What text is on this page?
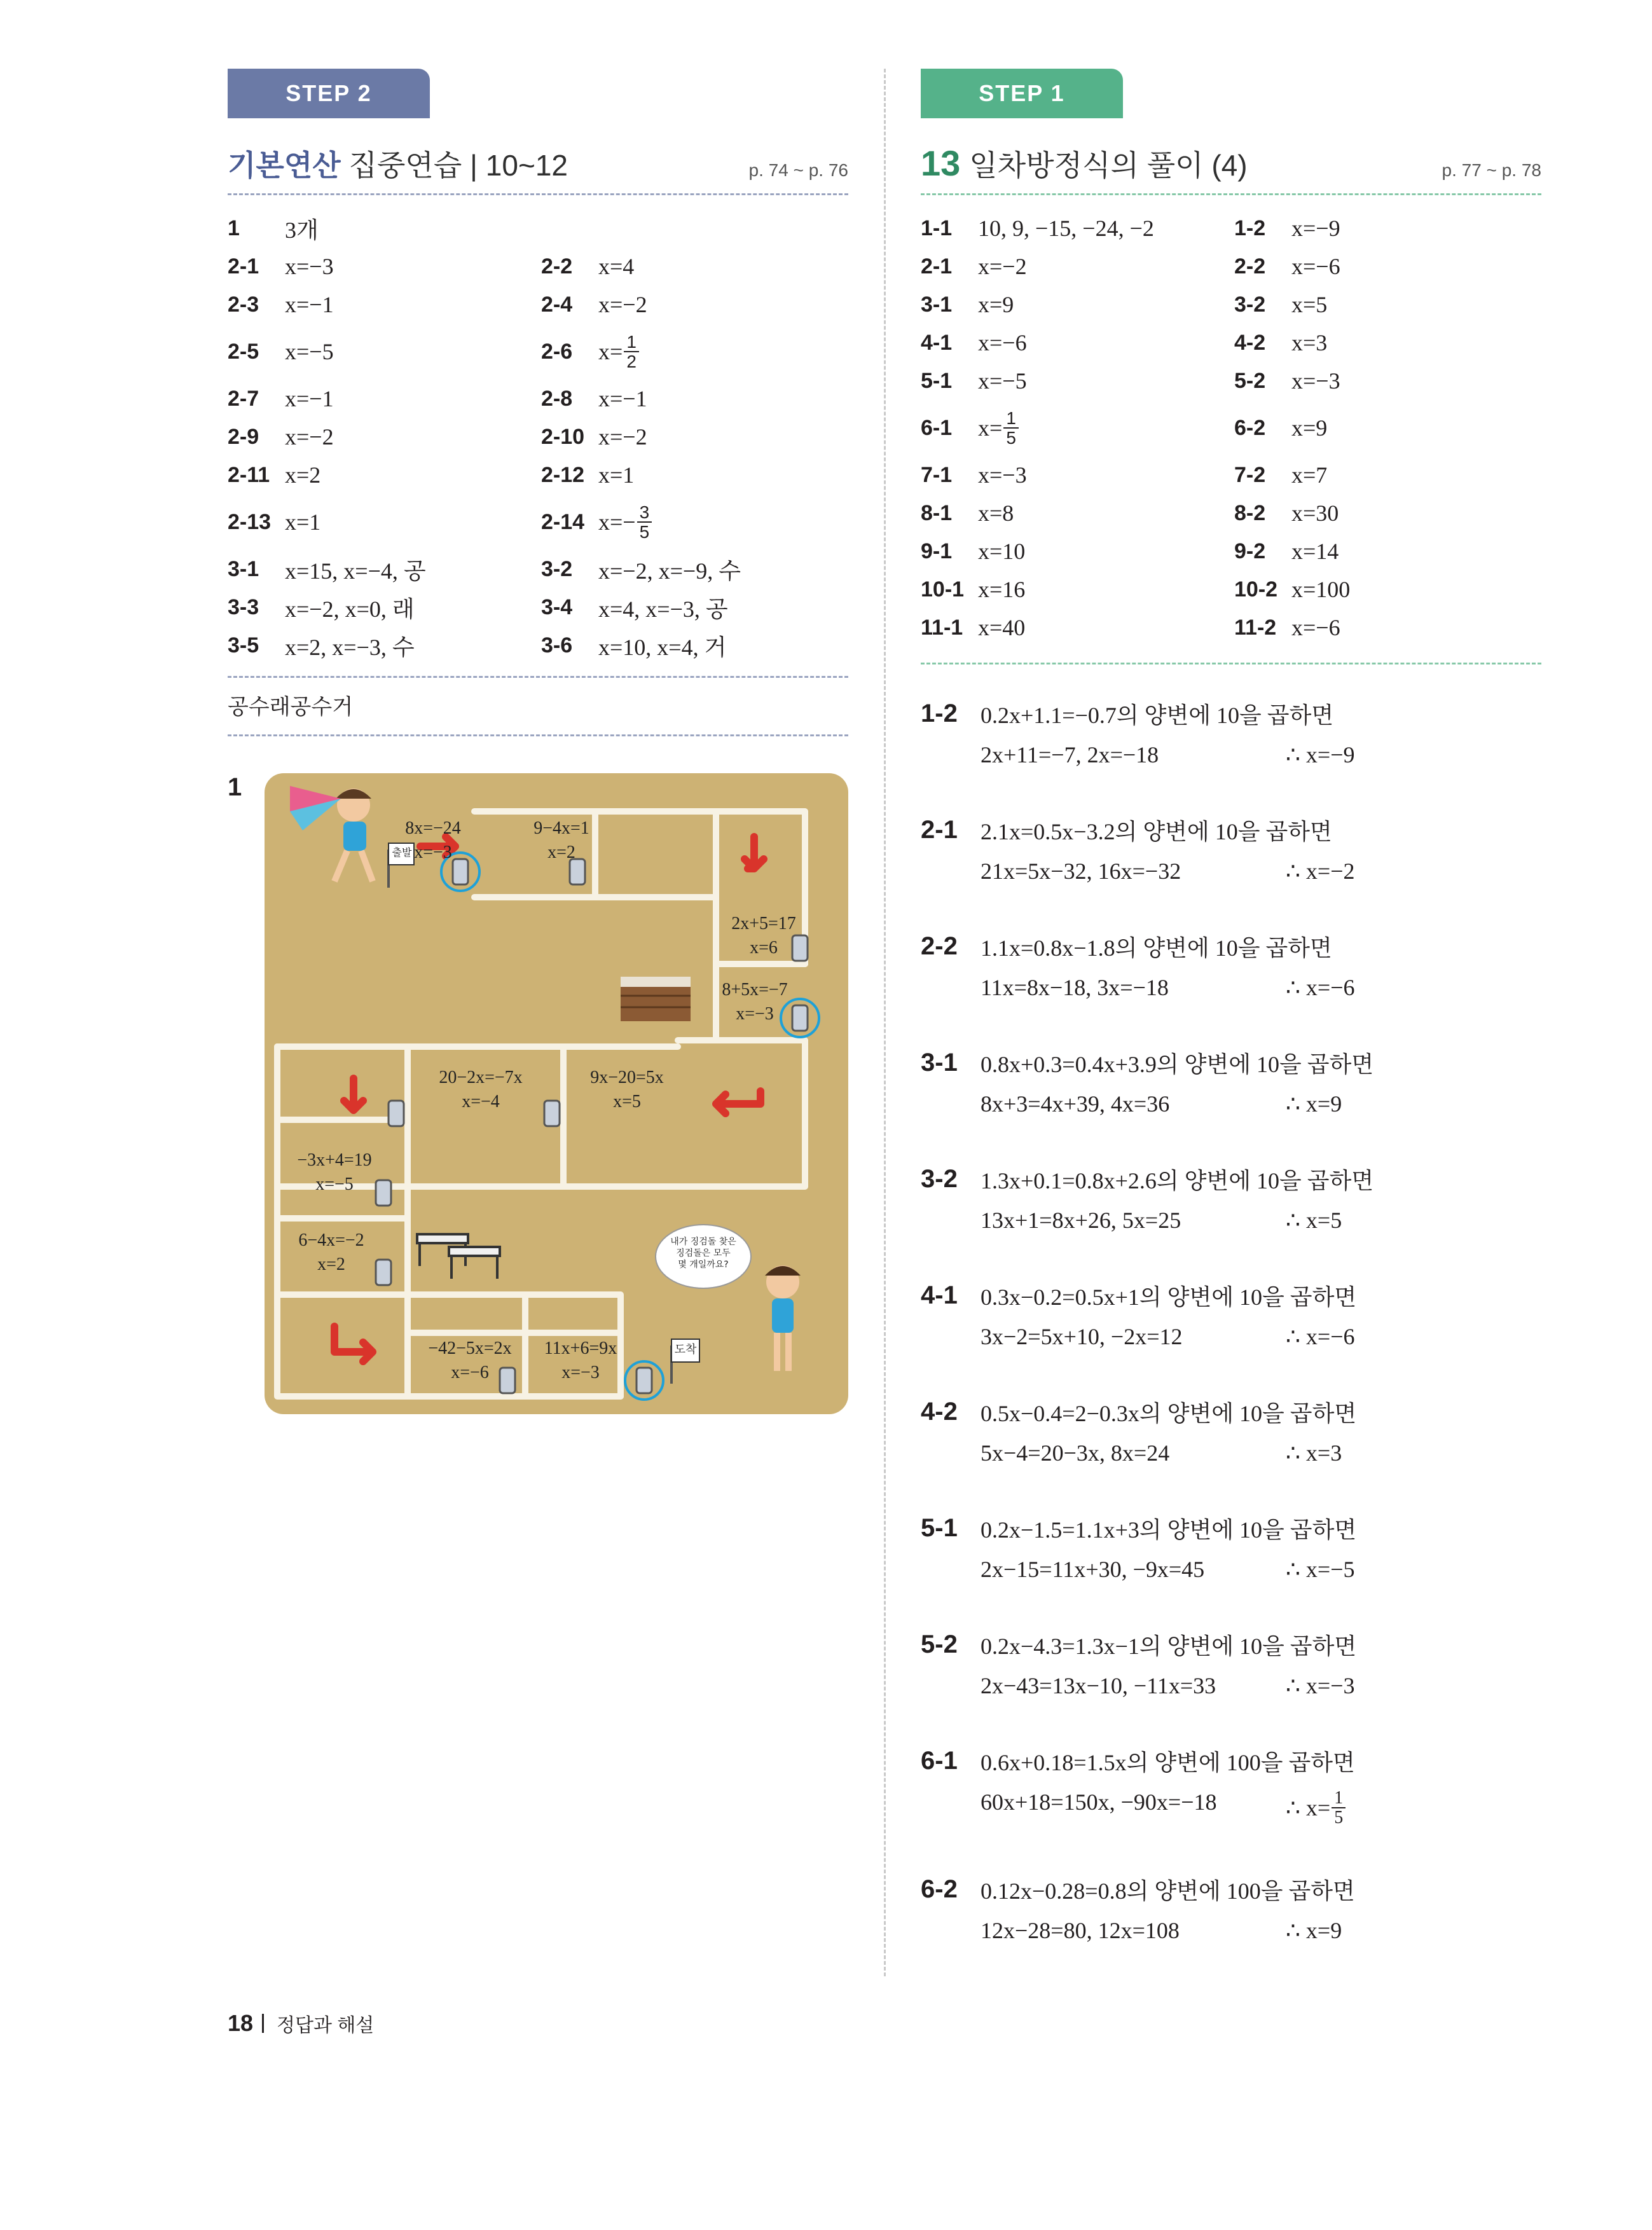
STEP 2
기본연산 집중연습 | 10~12	p. 74 ~ p. 76
1	3개
2-1	x=−3	2-2	x=4
2-3	x=−1	2-4	x=−2
2-5	x=−5	2-6	$x= \frac{1}{2}$
2-7	x=−1	2-8	x=−1
2-9	x=−2	2-10 x=−2
2-11 x=2	2-12 x=1
2-13 x=1	2-14 $x=- \frac{3}{5}$
3-1	x=15, x=−4, 공	3-2	x=−2, x=−9, 수
3-3	x=−2, x=0, 래	3-4	x=4, x=−3, 공
3-5	x=2, x=−3, 수	3-6	x=10, x=4, 거
공수래공수거
1
8x=−24
x=−3
9−4x=1
x=2
2x+5=17
x=6
8+5x=−7
x=−3
20−2x=−7x
x=−4
9x−20=5x
x=5
−3x+4=19
x=−5
6−4x=−2
x=2
−42−5x=2x
x=−6
11x+6=9x
x=−3
출발
도착
내가 징검돌 찾은
징검돌은 모두
몇 개일까요?
STEP 1
13 일차방정식의 풀이 (4)	p. 77 ~ p. 78
1-1	10, 9, −15, −24, −2	1-2	x=−9
2-1	x=−2	2-2	x=−6
3-1	x=9	3-2	x=5
4-1	x=−6	4-2	x=3
5-1	x=−5	5-2	x=−3
6-1	$x= \frac{1}{5}$	6-2	x=9
7-1	x=−3	7-2	x=7
8-1	x=8	8-2	x=30
9-1	x=10	9-2	x=14
10-1 x=16	10-2 x=100
11-1 x=40	11-2 x=−6
1-2	0.2x+1.1=−0.7의 양변에 10을 곱하면
2x+11=−7, 2x=−18	∴ x=−9
2-1	2.1x=0.5x−3.2의 양변에 10을 곱하면
21x=5x−32, 16x=−32	∴ x=−2
2-2	1.1x=0.8x−1.8의 양변에 10을 곱하면
11x=8x−18, 3x=−18	∴ x=−6
3-1	0.8x+0.3=0.4x+3.9의 양변에 10을 곱하면
8x+3=4x+39, 4x=36	∴ x=9
3-2	1.3x+0.1=0.8x+2.6의 양변에 10을 곱하면
13x+1=8x+26, 5x=25	∴ x=5
4-1	0.3x−0.2=0.5x+1의 양변에 10을 곱하면
3x−2=5x+10, −2x=12	∴ x=−6
4-2	0.5x−0.4=2−0.3x의 양변에 10을 곱하면
5x−4=20−3x, 8x=24	∴ x=3
5-1	0.2x−1.5=1.1x+3의 양변에 10을 곱하면
2x−15=11x+30, −9x=45	∴ x=−5
5-2	0.2x−4.3=1.3x−1의 양변에 10을 곱하면
2x−43=13x−10, −11x=33	∴ x=−3
6-1	0.6x+0.18=1.5x의 양변에 100을 곱하면
60x+18=150x, −90x=−18	∴ $x= \frac{1}{5}$
6-2	0.12x−0.28=0.8의 양변에 100을 곱하면
12x−28=80, 12x=108	∴ x=9
18 정답과 해설
